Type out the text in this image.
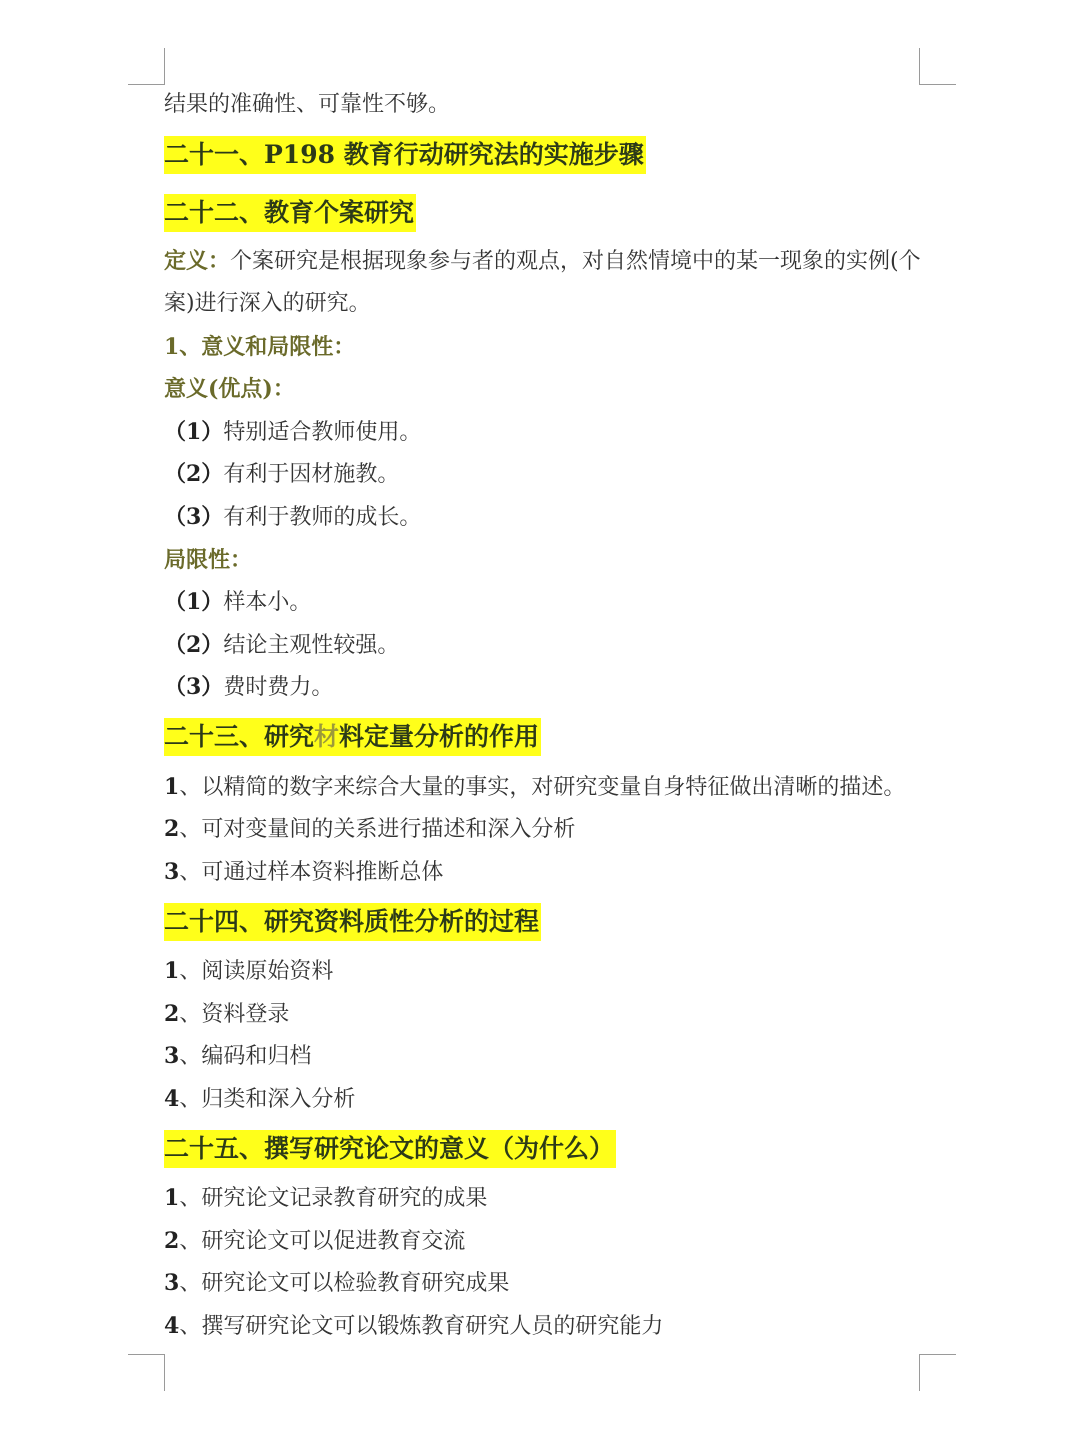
结果的准确性、可靠性不够。
二十一、P198 教育行动研究法的实施步骤
二十二、教育个案研究
定义：个案研究是根据现象参与者的观点，对自然情境中的某一现象的实例(个
案)进行深入的研究。
1、意义和局限性：
意义(优点)：
（1）特别适合教师使用。
（2）有利于因材施教。
（3）有利于教师的成长。
局限性：
（1）样本小。
（2）结论主观性较强。
（3）费时费力。
二十三、研究材料定量分析的作用
1、以精简的数字来综合大量的事实，对研究变量自身特征做出清晰的描述。
2、可对变量间的关系进行描述和深入分析
3、可通过样本资料推断总体
二十四、研究资料质性分析的过程
1、阅读原始资料
2、资料登录
3、编码和归档
4、归类和深入分析
二十五、撰写研究论文的意义（为什么）
1、研究论文记录教育研究的成果
2、研究论文可以促进教育交流
3、研究论文可以检验教育研究成果
4、撰写研究论文可以锻炼教育研究人员的研究能力
